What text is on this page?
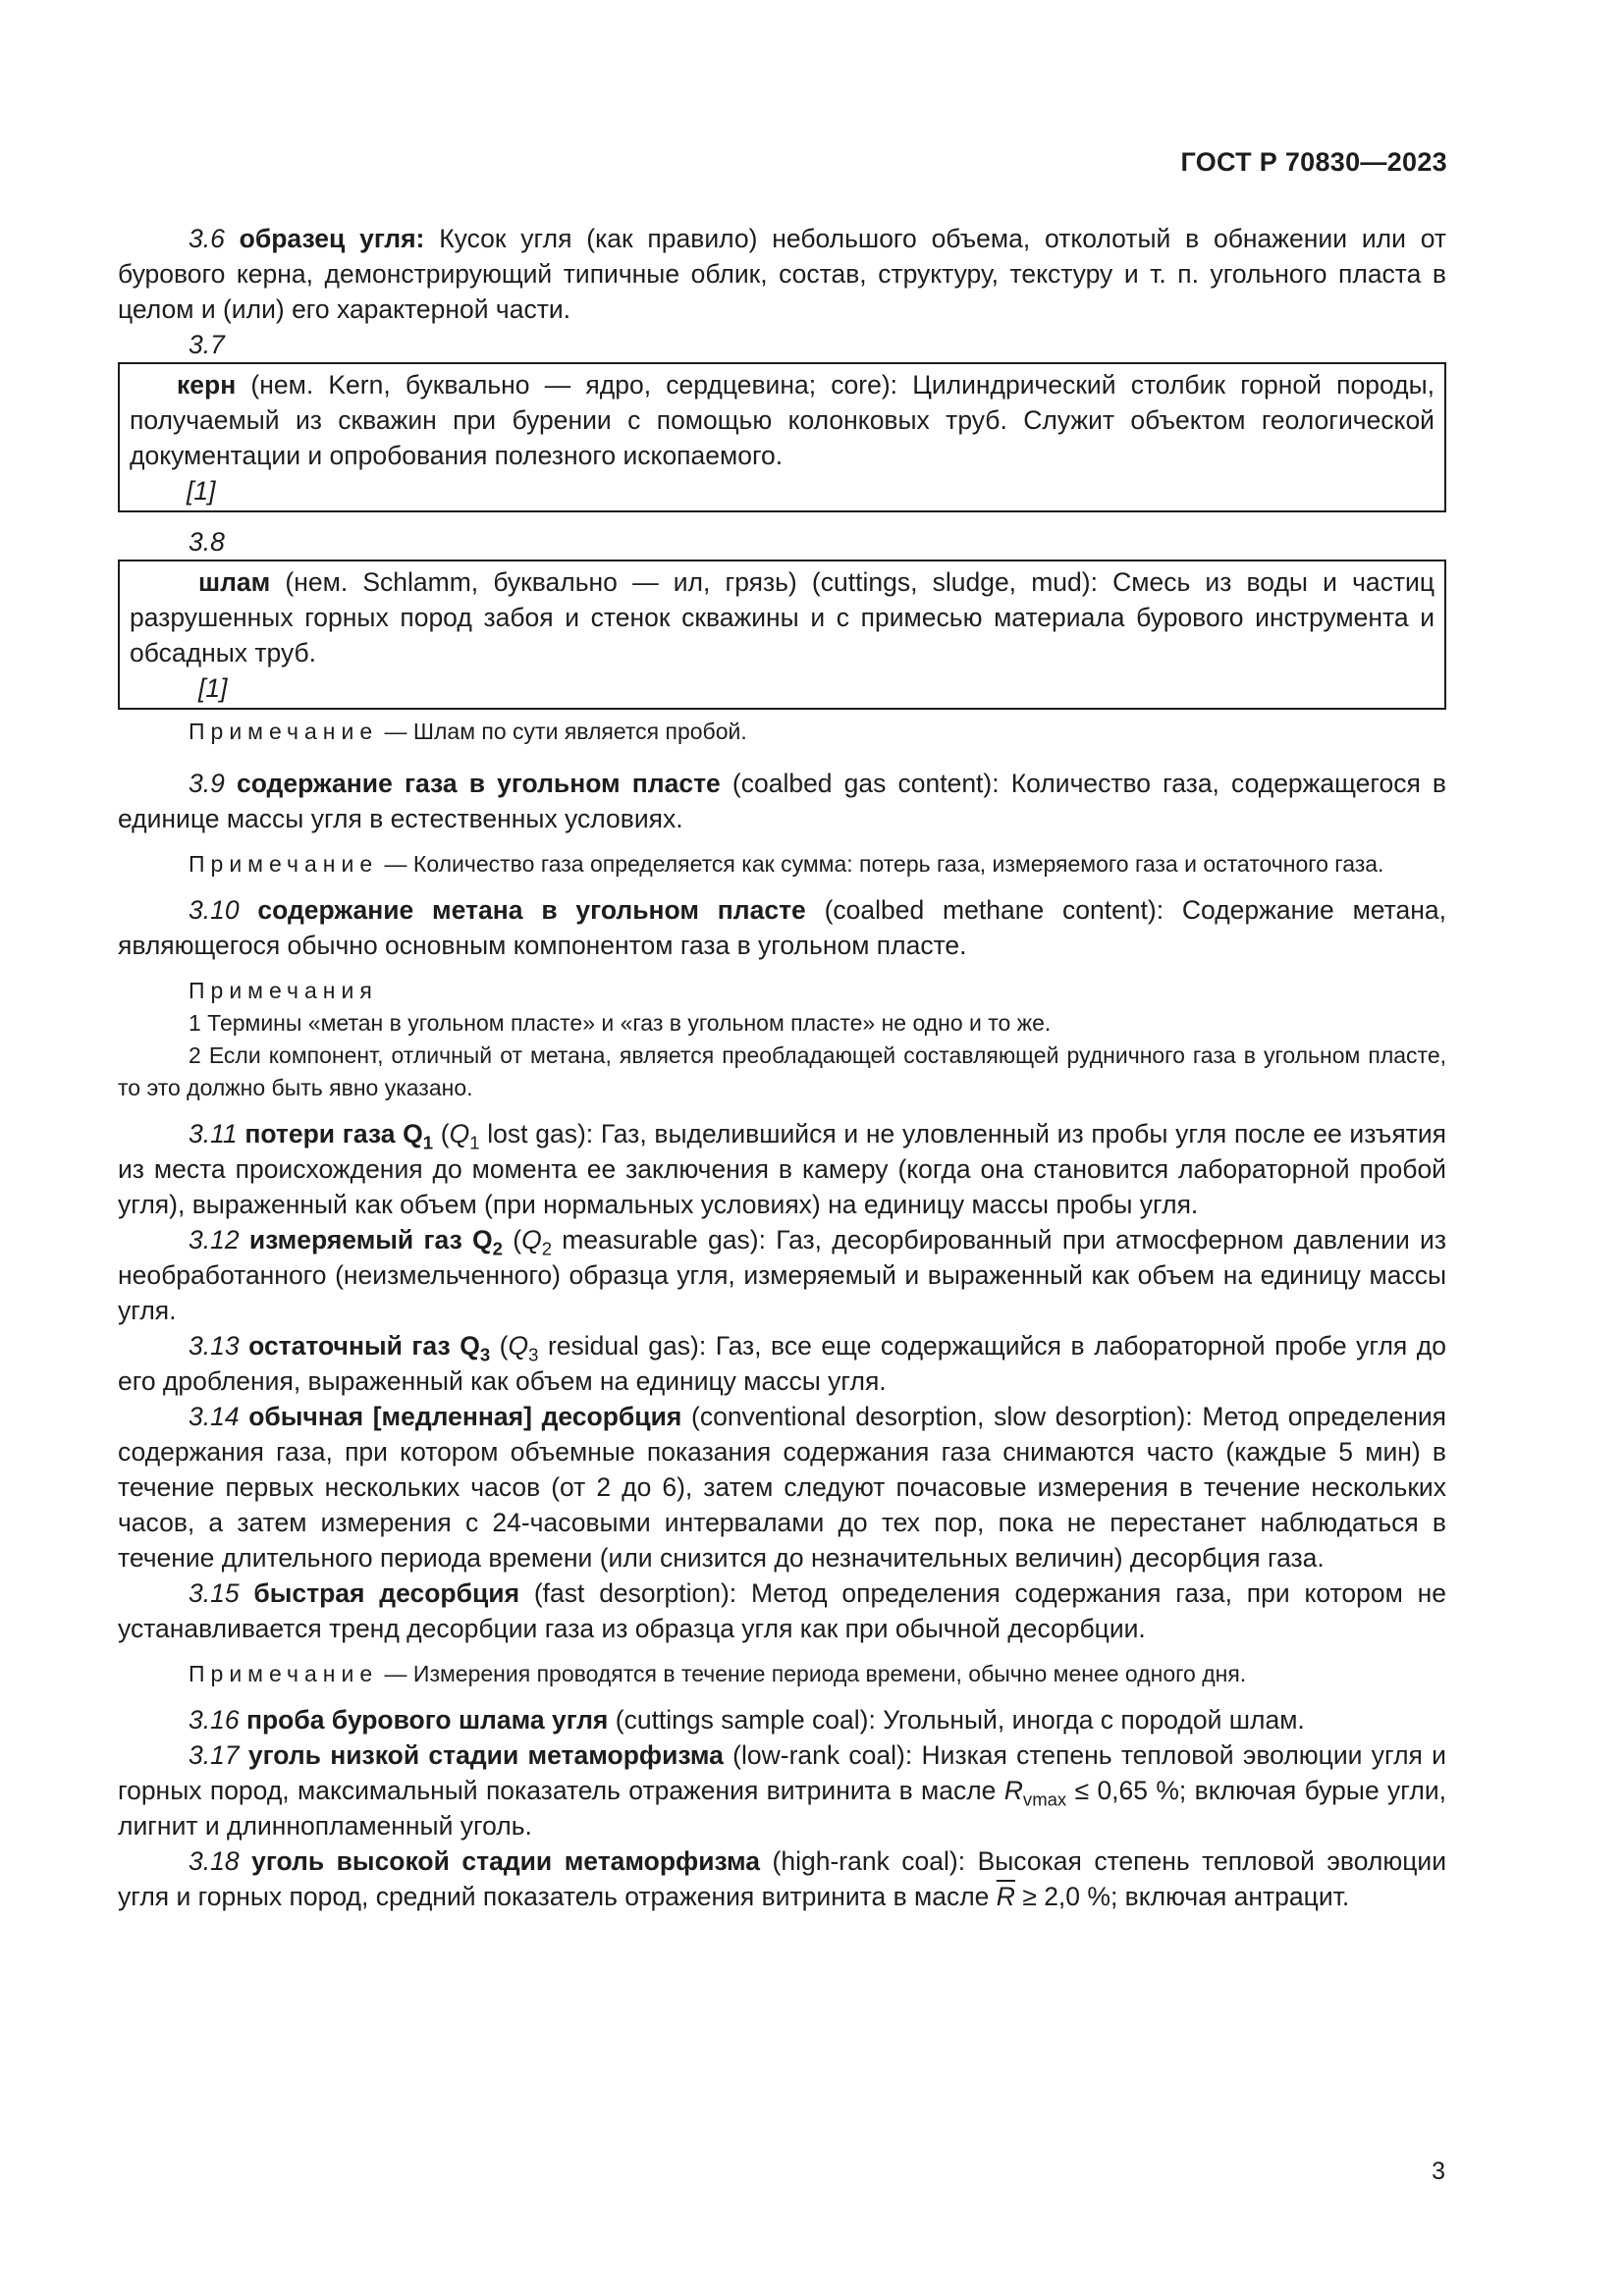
ГОСТ Р 70830—2023

3.6 образец угля: Кусок угля (как правило) небольшого объема, отколотый в обнажении или от бурового керна, демонстрирующий типичные облик, состав, структуру, текстуру и т. п. угольного пласта в целом и (или) его характерной части.

3.7

керн (нем. Kern, буквально — ядро, сердцевина; core): Цилиндрический столбик горной породы, получаемый из скважин при бурении с помощью колонковых труб. Служит объектом геологической документации и опробования полезного ископаемого.

[1]

3.8

шлам (нем. Schlamm, буквально — ил, грязь) (cuttings, sludge, mud): Смесь из воды и частиц разрушенных горных пород забоя и стенок скважины и с примесью материала бурового инструмента и обсадных труб.

[1]

Примечание — Шлам по сути является пробой.

3.9 содержание газа в угольном пласте (coalbed gas content): Количество газа, содержащегося в единице массы угля в естественных условиях.

Примечание — Количество газа определяется как сумма: потерь газа, измеряемого газа и остаточного газа.

3.10 содержание метана в угольном пласте (coalbed methane content): Содержание метана, являющегося обычно основным компонентом газа в угольном пласте.

Примечания

1 Термины «метан в угольном пласте» и «газ в угольном пласте» не одно и то же.

2 Если компонент, отличный от метана, является преобладающей составляющей рудничного газа в угольном пласте, то это должно быть явно указано.

3.11 потери газа $Q_1$ ($Q_1$ lost gas): Газ, выделившийся и не уловленный из пробы угля после ее изъятия из места происхождения до момента ее заключения в камеру (когда она становится лабораторной пробой угля), выраженный как объем (при нормальных условиях) на единицу массы пробы угля.

3.12 измеряемый газ $Q_2$ ($Q_2$ measurable gas): Газ, десорбированный при атмосферном давлении из необработанного (неизмельченного) образца угля, измеряемый и выраженный как объем на единицу массы угля.

3.13 остаточный газ $Q_3$ ($Q_3$ residual gas): Газ, все еще содержащийся в лабораторной пробе угля до его дробления, выраженный как объем на единицу массы угля.

3.14 обычная [медленная] десорбция (conventional desorption, slow desorption): Метод определения содержания газа, при котором объемные показания содержания газа снимаются часто (каждые 5 мин) в течение первых нескольких часов (от 2 до 6), затем следуют почасовые измерения в течение нескольких часов, а затем измерения с 24-часовыми интервалами до тех пор, пока не перестанет наблюдаться в течение длительного периода времени (или снизится до незначительных величин) десорбция газа.

3.15 быстрая десорбция (fast desorption): Метод определения содержания газа, при котором не устанавливается тренд десорбции газа из образца угля как при обычной десорбции.

Примечание — Измерения проводятся в течение периода времени, обычно менее одного дня.

3.16 проба бурового шлама угля (cuttings sample coal): Угольный, иногда с породой шлам.

3.17 уголь низкой стадии метаморфизма (low-rank coal): Низкая степень тепловой эволюции угля и горных пород, максимальный показатель отражения витринита в масле $R_{vmax} \le 0,65$ %; включая бурые угли, лигнит и длиннопламенный уголь.

3.18 уголь высокой стадии метаморфизма (high-rank coal): Высокая степень тепловой эволюции угля и горных пород, средний показатель отражения витринита в масле $\overline{R} \ge 2,0$ %; включая антрацит.

3
